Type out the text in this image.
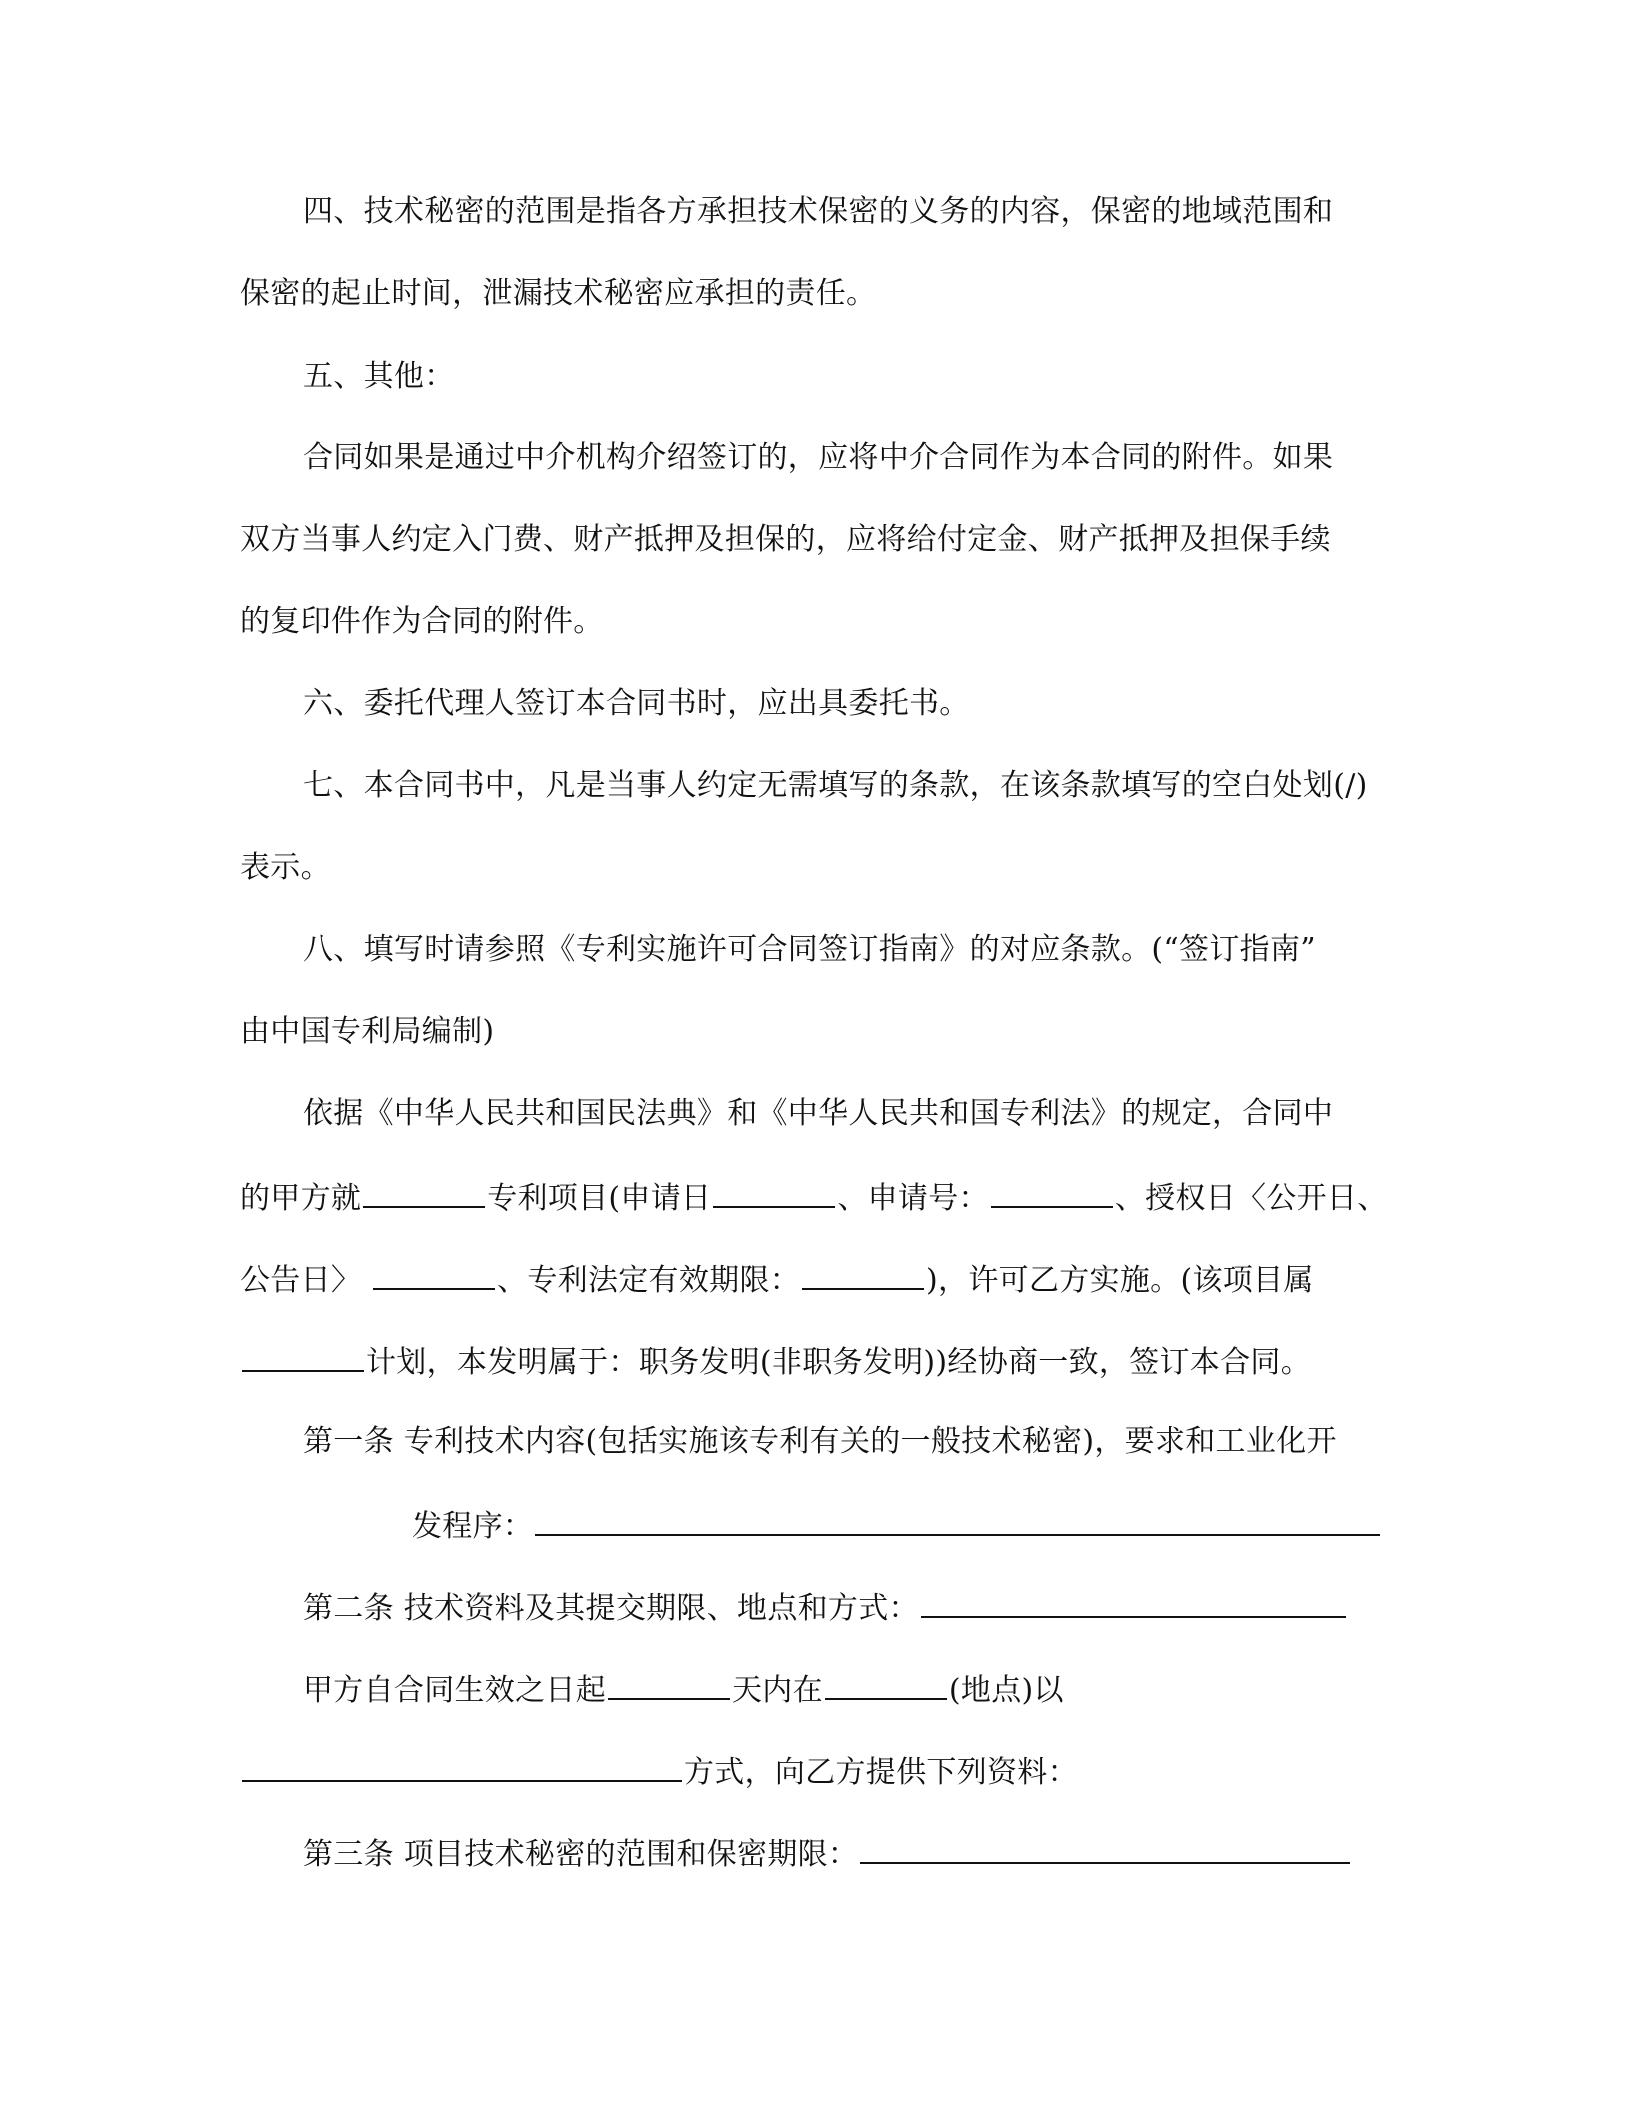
四、技术秘密的范围是指各方承担技术保密的义务的内容，保密的地域范围和
保密的起止时间，泄漏技术秘密应承担的责任。
五、其他：
合同如果是通过中介机构介绍签订的，应将中介合同作为本合同的附件。如果
双方当事人约定入门费、财产抵押及担保的，应将给付定金、财产抵押及担保手续
的复印件作为合同的附件。
六、委托代理人签订本合同书时，应出具委托书。
七、本合同书中，凡是当事人约定无需填写的条款，在该条款填写的空白处划(/)
表示。
八、填写时请参照《专利实施许可合同签订指南》的对应条款。(“签订指南”
由中国专利局编制)
依据《中华人民共和国民法典》和《中华人民共和国专利法》的规定，合同中
的甲方就	专利项目(申请日	、申请号：	、授权日〈公开日、
公告日〉	、专利法定有效期限：	)，许可乙方实施。(该项目属
计划，本发明属于：职务发明(非职务发明))经协商一致，签订本合同。
第一条 专利技术内容(包括实施该专利有关的一般技术秘密)，要求和工业化开
发程序：
第二条 技术资料及其提交期限、地点和方式：
甲方自合同生效之日起	天内在	(地点)以
方式，向乙方提供下列资料：
第三条 项目技术秘密的范围和保密期限：
